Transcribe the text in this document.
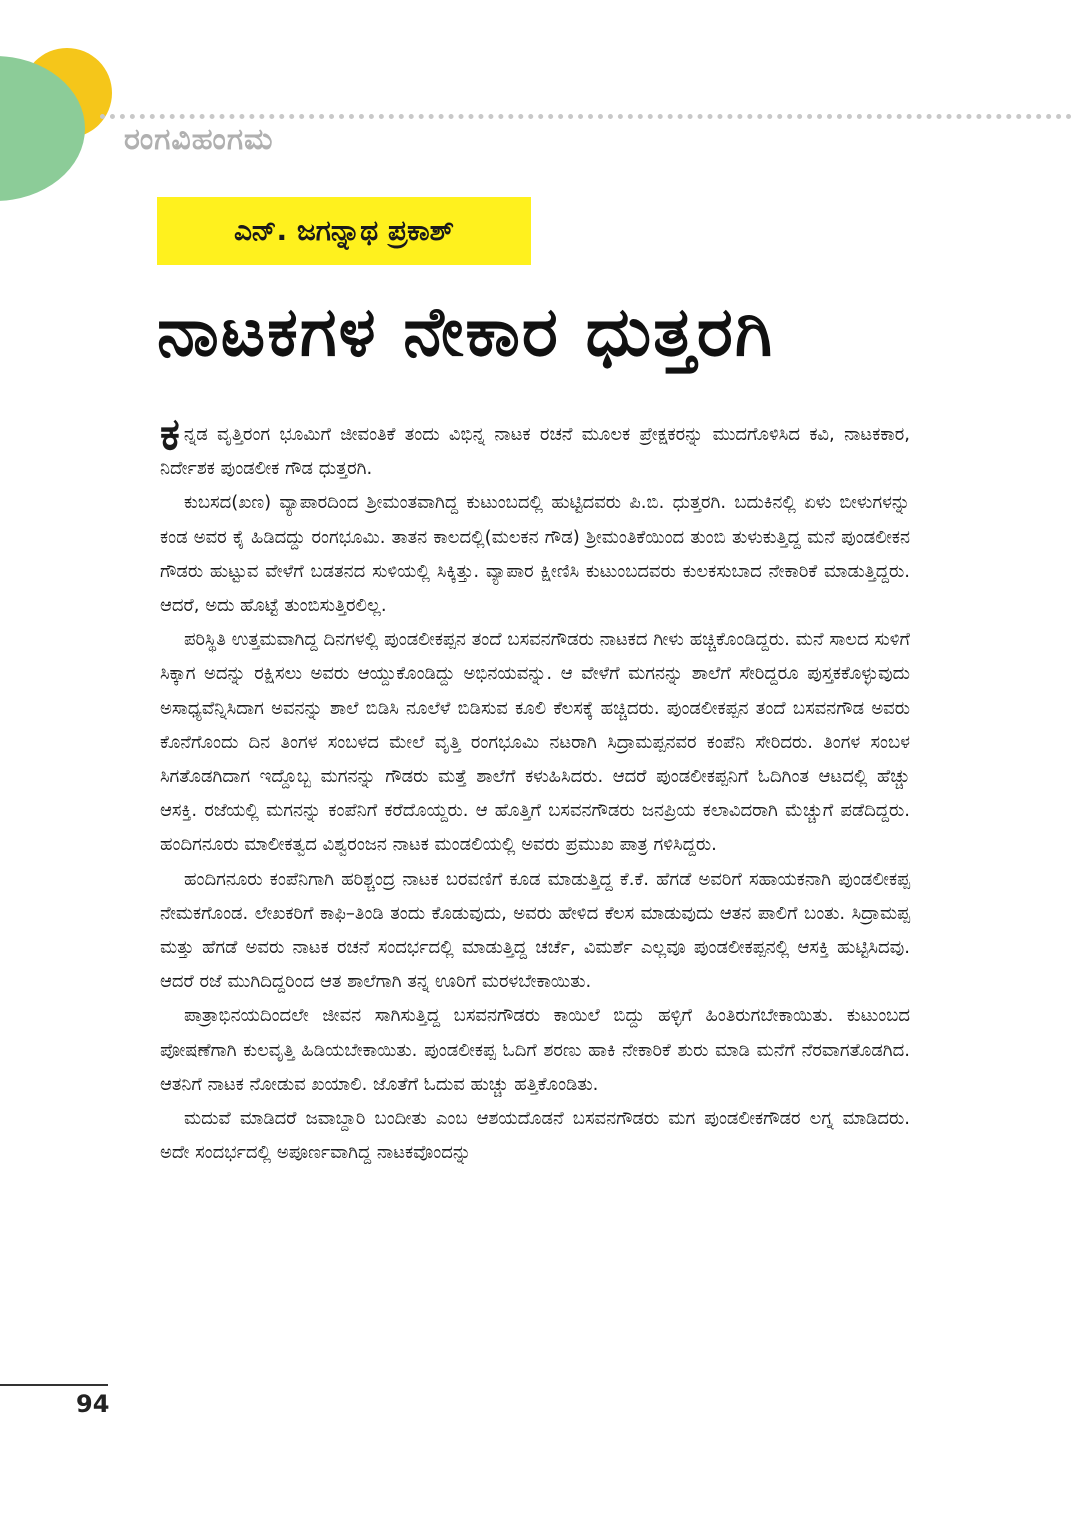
ರಂಗವಿಹಂಗಮ
ಎನ್‌. ಜಗನ್ನಾಥ ಪ್ರಕಾಶ್‌
ನಾಟಕಗಳ ನೇಕಾರ ಧುತ್ತರಗಿ

ಕನ್ನಡ ವೃತ್ತಿರಂಗ ಭೂಮಿಗೆ ಜೀವಂತಿಕೆ ತಂದು ವಿಭಿನ್ನ ನಾಟಕ ರಚನೆ ಮೂಲಕ ಪ್ರೇಕ್ಷಕರನ್ನು ಮುದಗೊಳಿಸಿದ ಕವಿ, ನಾಟಕಕಾರ, ನಿರ್ದೇಶಕ ಪುಂಡಲೀಕ ಗೌಡ ಧುತ್ತರಗಿ.

ಕುಬಸದ(ಖಣ) ವ್ಯಾಪಾರದಿಂದ ಶ್ರೀಮಂತವಾಗಿದ್ದ ಕುಟುಂಬದಲ್ಲಿ ಹುಟ್ಟಿದವರು ಪಿ.ಬಿ. ಧುತ್ತರಗಿ. ಬದುಕಿನಲ್ಲಿ ಏಳು ಬೀಳುಗಳನ್ನು ಕಂಡ ಅವರ ಕೈ ಹಿಡಿದದ್ದು ರಂಗಭೂಮಿ. ತಾತನ ಕಾಲದಲ್ಲಿ(ಮಲಕನ ಗೌಡ) ಶ್ರೀಮಂತಿಕೆಯಿಂದ ತುಂಬಿ ತುಳುಕುತ್ತಿದ್ದ ಮನೆ ಪುಂಡಲೀಕನ ಗೌಡರು ಹುಟ್ಟುವ ವೇಳೆಗೆ ಬಡತನದ ಸುಳಿಯಲ್ಲಿ ಸಿಕ್ಕಿತ್ತು. ವ್ಯಾಪಾರ ಕ್ಷೀಣಿಸಿ ಕುಟುಂಬದವರು ಕುಲಕಸುಬಾದ ನೇಕಾರಿಕೆ ಮಾಡುತ್ತಿದ್ದರು. ಆದರೆ, ಅದು ಹೊಟ್ಟೆ ತುಂಬಿಸುತ್ತಿರಲಿಲ್ಲ.

ಪರಿಸ್ಥಿತಿ ಉತ್ತಮವಾಗಿದ್ದ ದಿನಗಳಲ್ಲಿ ಪುಂಡಲೀಕಪ್ಪನ ತಂದೆ ಬಸವನಗೌಡರು ನಾಟಕದ ಗೀಳು ಹಚ್ಚಿಕೊಂಡಿದ್ದರು. ಮನೆ ಸಾಲದ ಸುಳಿಗೆ ಸಿಕ್ಕಾಗ ಅದನ್ನು ರಕ್ಷಿಸಲು ಅವರು ಆಯ್ದುಕೊಂಡಿದ್ದು ಅಭಿನಯವನ್ನು. ಆ ವೇಳೆಗೆ ಮಗನನ್ನು ಶಾಲೆಗೆ ಸೇರಿದ್ದರೂ ಪುಸ್ತಕಕೊಳ್ಳುವುದು ಅಸಾಧ್ಯವೆನ್ನಿಸಿದಾಗ ಅವನನ್ನು ಶಾಲೆ ಬಿಡಿಸಿ ನೂಲೆಳೆ ಬಿಡಿಸುವ ಕೂಲಿ ಕೆಲಸಕ್ಕೆ ಹಚ್ಚಿದರು. ಪುಂಡಲೀಕಪ್ಪನ ತಂದೆ ಬಸವನಗೌಡ ಅವರು ಕೊನೆಗೊಂದು ದಿನ ತಿಂಗಳ ಸಂಬಳದ ಮೇಲೆ ವೃತ್ತಿ ರಂಗಭೂಮಿ ನಟರಾಗಿ ಸಿದ್ರಾಮಪ್ಪನವರ ಕಂಪೆನಿ ಸೇರಿದರು. ತಿಂಗಳ ಸಂಬಳ ಸಿಗತೊಡಗಿದಾಗ ಇದ್ದೊಬ್ಬ ಮಗನನ್ನು ಗೌಡರು ಮತ್ತೆ ಶಾಲೆಗೆ ಕಳುಹಿಸಿದರು. ಆದರೆ ಪುಂಡಲೀಕಪ್ಪನಿಗೆ ಓದಿಗಿಂತ ಆಟದಲ್ಲಿ ಹೆಚ್ಚು ಆಸಕ್ತಿ. ರಜೆಯಲ್ಲಿ ಮಗನನ್ನು ಕಂಪೆನಿಗೆ ಕರೆದೊಯ್ದರು. ಆ ಹೊತ್ತಿಗೆ ಬಸವನಗೌಡರು ಜನಪ್ರಿಯ ಕಲಾವಿದರಾಗಿ ಮೆಚ್ಚುಗೆ ಪಡೆದಿದ್ದರು. ಹಂದಿಗನೂರು ಮಾಲೀಕತ್ವದ ವಿಶ್ವರಂಜನ ನಾಟಕ ಮಂಡಲಿಯಲ್ಲಿ ಅವರು ಪ್ರಮುಖ ಪಾತ್ರ ಗಳಿಸಿದ್ದರು.

ಹಂದಿಗನೂರು ಕಂಪೆನಿಗಾಗಿ ಹರಿಶ್ಚಂದ್ರ ನಾಟಕ ಬರವಣಿಗೆ ಕೂಡ ಮಾಡುತ್ತಿದ್ದ ಕೆ.ಕೆ. ಹೆಗಡೆ ಅವರಿಗೆ ಸಹಾಯಕನಾಗಿ ಪುಂಡಲೀಕಪ್ಪ ನೇಮಕಗೊಂಡ. ಲೇಖಕರಿಗೆ ಕಾಫಿ–ತಿಂಡಿ ತಂದು ಕೊಡುವುದು, ಅವರು ಹೇಳಿದ ಕೆಲಸ ಮಾಡುವುದು ಆತನ ಪಾಲಿಗೆ ಬಂತು. ಸಿದ್ರಾಮಪ್ಪ ಮತ್ತು ಹೆಗಡೆ ಅವರು ನಾಟಕ ರಚನೆ ಸಂದರ್ಭದಲ್ಲಿ ಮಾಡುತ್ತಿದ್ದ ಚರ್ಚೆ, ವಿಮರ್ಶೆ ಎಲ್ಲವೂ ಪುಂಡಲೀಕಪ್ಪನಲ್ಲಿ ಆಸಕ್ತಿ ಹುಟ್ಟಿಸಿದವು. ಆದರೆ ರಜೆ ಮುಗಿದಿದ್ದರಿಂದ ಆತ ಶಾಲೆಗಾಗಿ ತನ್ನ ಊರಿಗೆ ಮರಳಬೇಕಾಯಿತು.

ಪಾತ್ರಾಭಿನಯದಿಂದಲೇ ಜೀವನ ಸಾಗಿಸುತ್ತಿದ್ದ ಬಸವನಗೌಡರು ಕಾಯಿಲೆ ಬಿದ್ದು ಹಳ್ಳಿಗೆ ಹಿಂತಿರುಗಬೇಕಾಯಿತು. ಕುಟುಂಬದ ಪೋಷಣೆಗಾಗಿ ಕುಲವೃತ್ತಿ ಹಿಡಿಯಬೇಕಾಯಿತು. ಪುಂಡಲೀಕಪ್ಪ ಓದಿಗೆ ಶರಣು ಹಾಕಿ ನೇಕಾರಿಕೆ ಶುರು ಮಾಡಿ ಮನೆಗೆ ನೆರವಾಗತೊಡಗಿದ. ಆತನಿಗೆ ನಾಟಕ ನೋಡುವ ಖಯಾಲಿ. ಜೊತೆಗೆ ಓದುವ ಹುಚ್ಚು ಹತ್ತಿಕೊಂಡಿತು.

ಮದುವೆ ಮಾಡಿದರೆ ಜವಾಬ್ದಾರಿ ಬಂದೀತು ಎಂಬ ಆಶಯದೊಡನೆ ಬಸವನಗೌಡರು ಮಗ ಪುಂಡಲೀಕಗೌಡರ ಲಗ್ನ ಮಾಡಿದರು. ಅದೇ ಸಂದರ್ಭದಲ್ಲಿ ಅಪೂರ್ಣವಾಗಿದ್ದ ನಾಟಕವೊಂದನ್ನು

94
